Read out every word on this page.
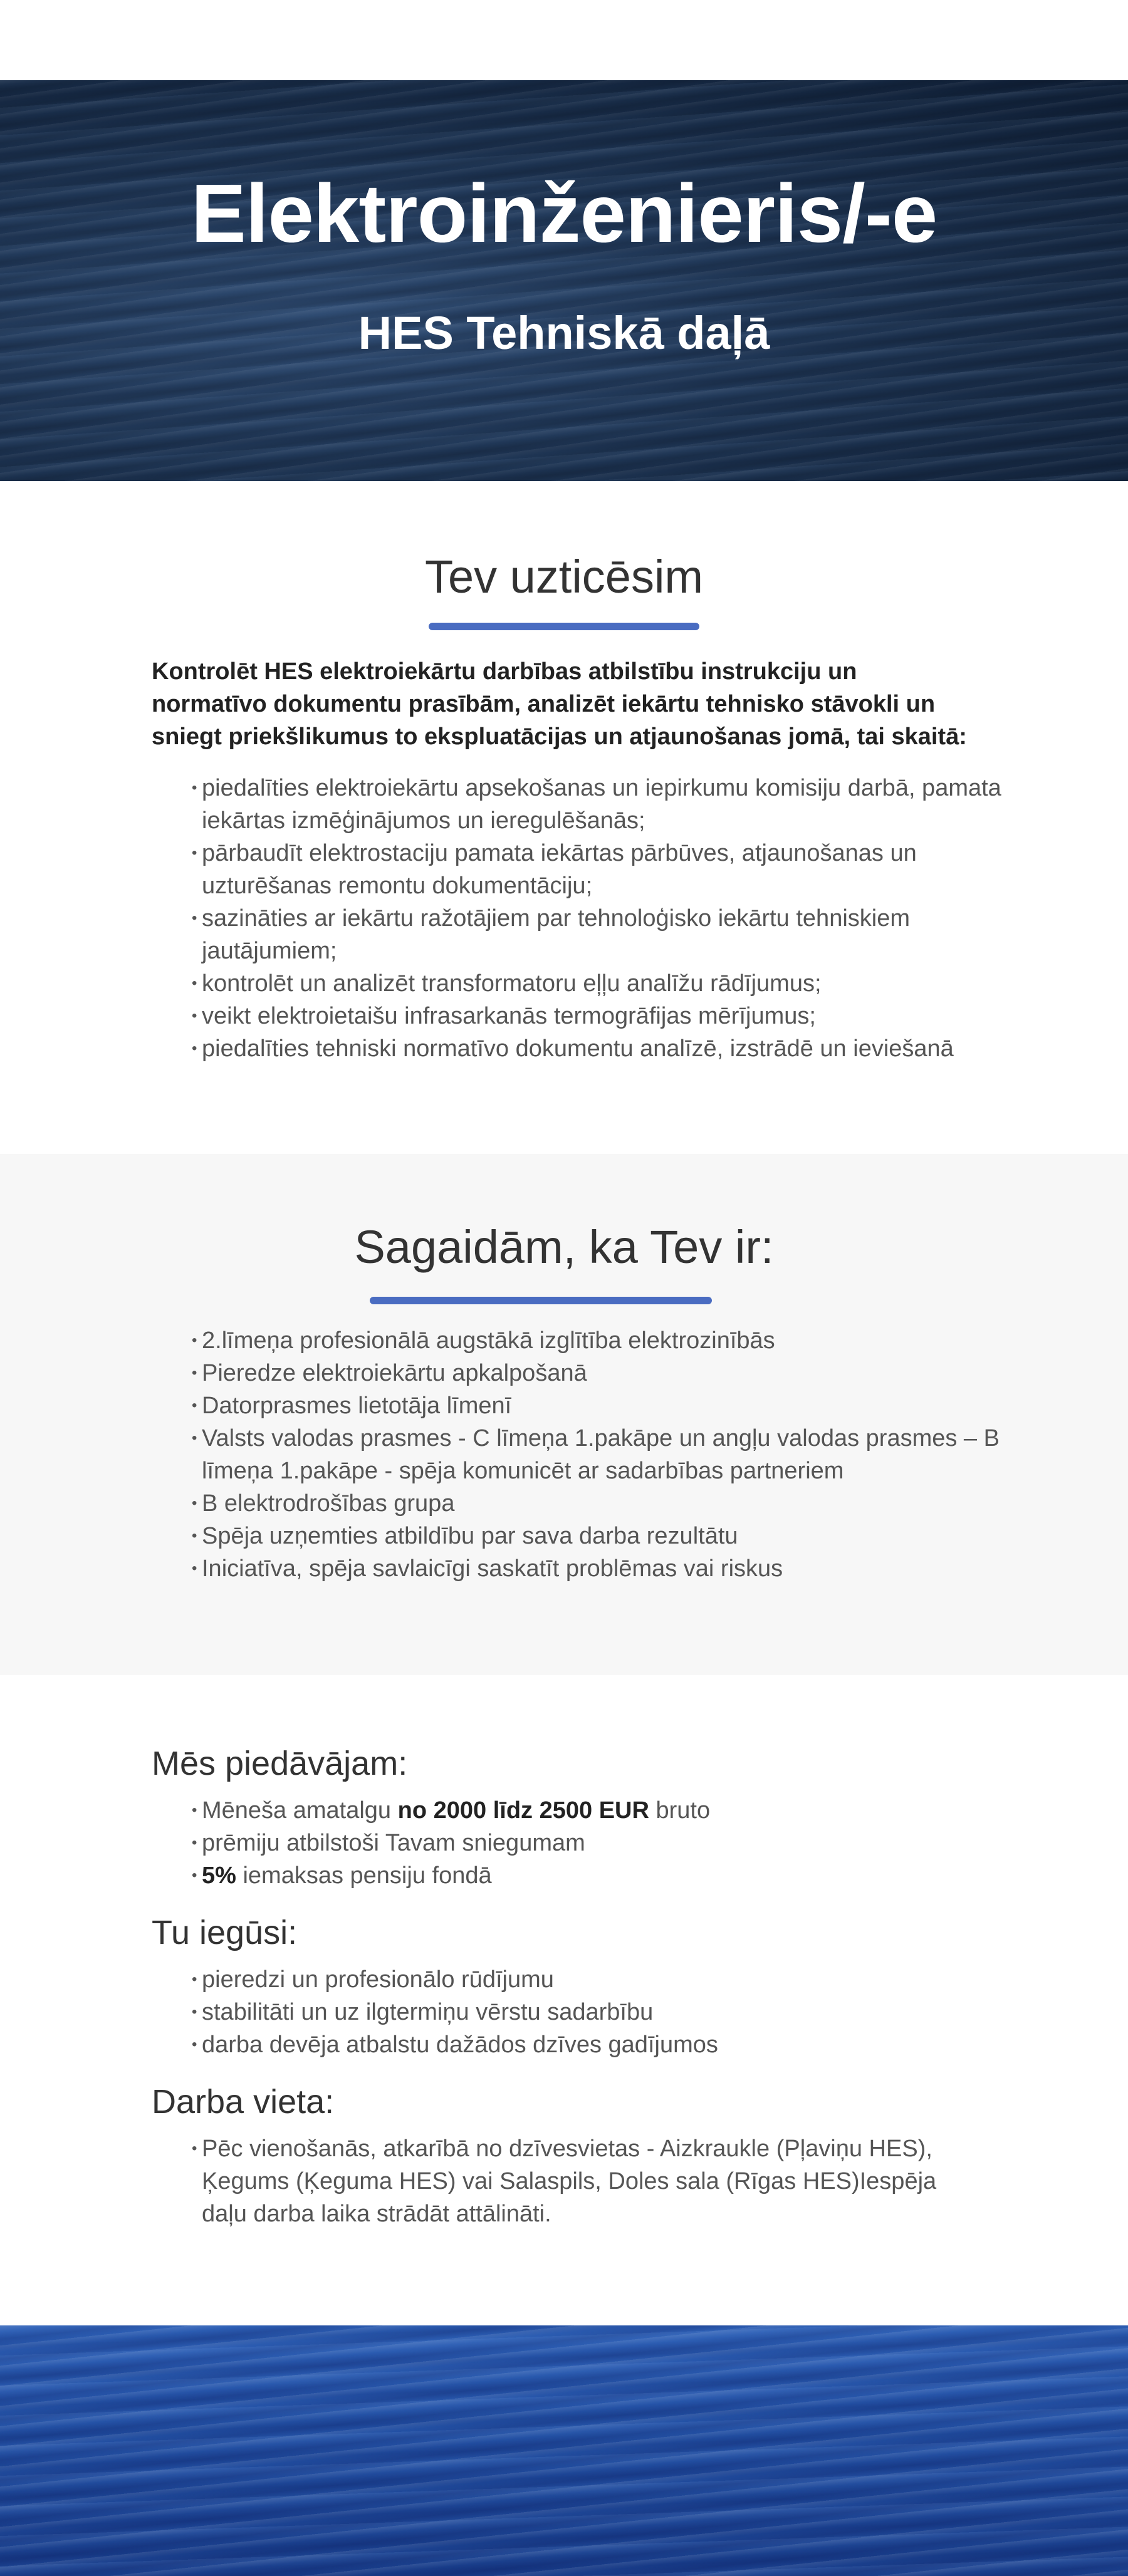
Elektroinženieris/-e
HES Tehniskā daļā
Tev uzticēsim

Kontrolēt HES elektroiekārtu darbības atbilstību instrukciju un normatīvo dokumentu prasībām, analizēt iekārtu tehnisko stāvokli un sniegt priekšlikumus to ekspluatācijas un atjaunošanas jomā, tai skaitā:

• piedalīties elektroiekārtu apsekošanas un iepirkumu komisiju darbā, pamata iekārtas izmēģinājumos un ieregulēšanās;
• pārbaudīt elektrostaciju pamata iekārtas pārbūves, atjaunošanas un uzturēšanas remontu dokumentāciju;
• sazināties ar iekārtu ražotājiem par tehnoloģisko iekārtu tehniskiem jautājumiem;
• kontrolēt un analizēt transformatoru eļļu analīžu rādījumus;
• veikt elektroietaišu infrasarkanās termogrāfijas mērījumus;
• piedalīties tehniski normatīvo dokumentu analīzē, izstrādē un ieviešanā
Sagaidām, ka Tev ir:
• 2.līmeņa profesionālā augstākā izglītība elektrozinībās
• Pieredze elektroiekārtu apkalpošanā
• Datorprasmes lietotāja līmenī
• Valsts valodas prasmes - C līmeņa 1.pakāpe un angļu valodas prasmes – B līmeņa 1.pakāpe - spēja komunicēt ar sadarbības partneriem
• B elektrodrošības grupa
• Spēja uzņemties atbildību par sava darba rezultātu
• Iniciatīva, spēja savlaicīgi saskatīt problēmas vai riskus
Mēs piedāvājam:
• Mēneša amatalgu no 2000 līdz 2500 EUR bruto
• prēmiju atbilstoši Tavam sniegumam
• 5% iemaksas pensiju fondā
Tu iegūsi:
• pieredzi un profesionālo rūdījumu
• stabilitāti un uz ilgtermiņu vērstu sadarbību
• darba devēja atbalstu dažādos dzīves gadījumos
Darba vieta:
• Pēc vienošanās, atkarībā no dzīvesvietas - Aizkraukle (Pļaviņu HES), Ķegums (Ķeguma HES) vai Salaspils, Doles sala (Rīgas HES)Iespēja daļu darba laika strādāt attālināti.
